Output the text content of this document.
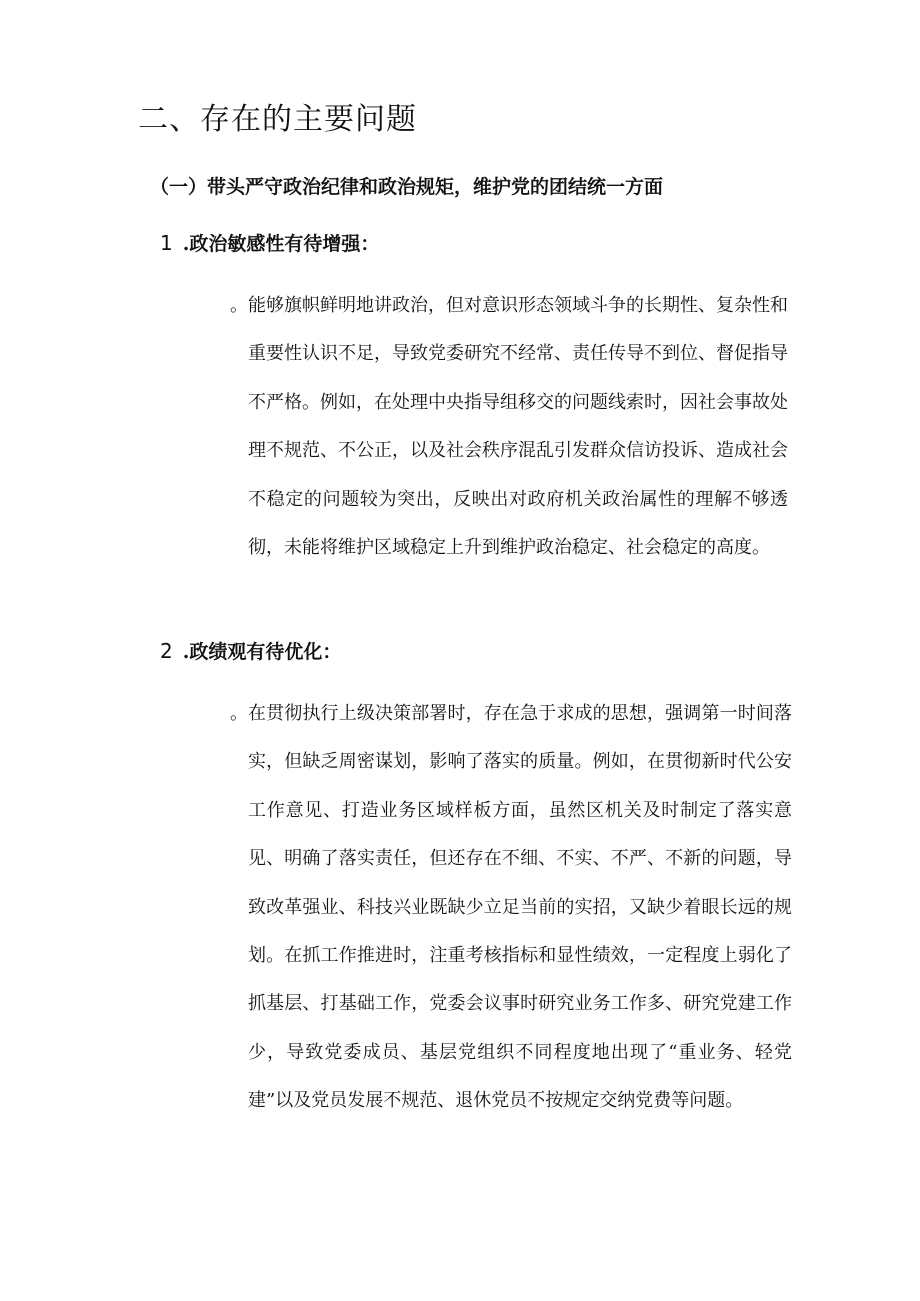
二、存在的主要问题
（一）带头严守政治纪律和政治规矩，维护党的团结统一方面
1 .政治敏感性有待增强：
。 能够旗帜鲜明地讲政治，但对意识形态领域斗争的长期性、复杂性和重要性认识不足，导致党委研究不经常、责任传导不到位、督促指导不严格。例如，在处理中央指导组移交的问题线索时，因社会事故处理不规范、不公正，以及社会秩序混乱引发群众信访投诉、造成社会不稳定的问题较为突出，反映出对政府机关政治属性的理解不够透彻，未能将维护区域稳定上升到维护政治稳定、社会稳定的高度。
2 .政绩观有待优化：
。 在贯彻执行上级决策部署时，存在急于求成的思想，强调第一时间落实，但缺乏周密谋划，影响了落实的质量。例如，在贯彻新时代公安工作意见、打造业务区域样板方面，虽然区机关及时制定了落实意见、明确了落实责任，但还存在不细、不实、不严、不新的问题，导致改革强业、科技兴业既缺少立足当前的实招，又缺少着眼长远的规划。在抓工作推进时，注重考核指标和显性绩效，一定程度上弱化了抓基层、打基础工作，党委会议事时研究业务工作多、研究党建工作少，导致党委成员、基层党组织不同程度地出现了“重业务、轻党建”以及党员发展不规范、退休党员不按规定交纳党费等问题。
